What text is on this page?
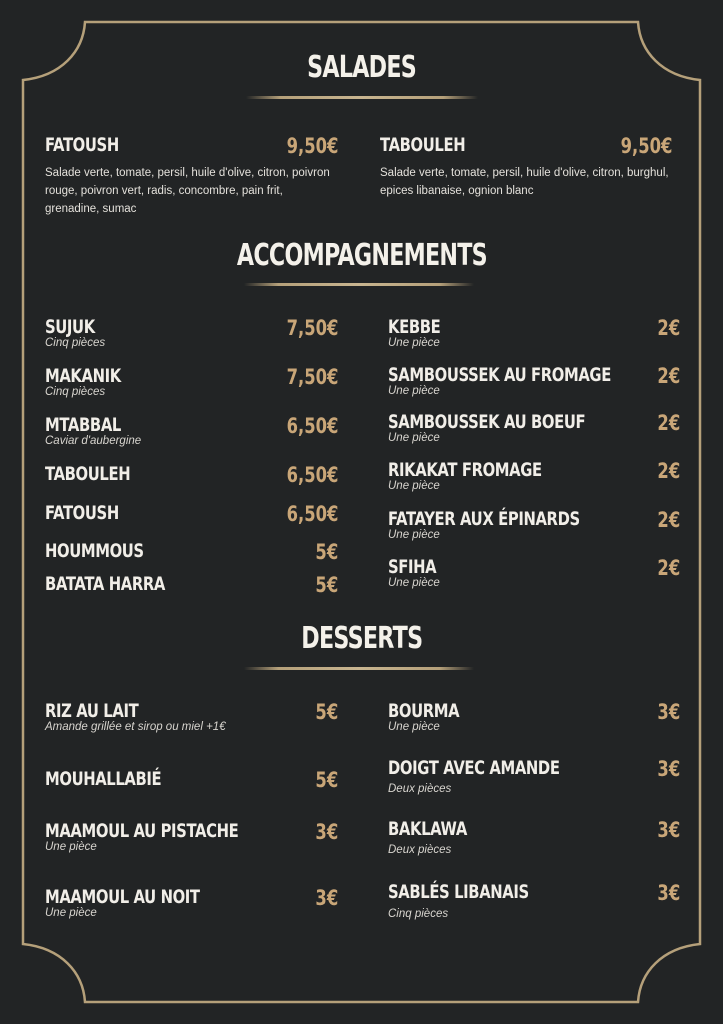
SALADES
FATOUSH	9,50€
Salade verte, tomate, persil, huile d'olive, citron, poivron rouge, poivron vert, radis, concombre, pain frit, grenadine, sumac
TABOULEH	9,50€
Salade verte, tomate, persil, huile d'olive, citron, burghul, epices libanaise, ognion blanc
ACCOMPAGNEMENTS
SUJUK	7,50€
Cinq pièces
MAKANIK	7,50€
Cinq pièces
MTABBAL	6,50€
Caviar d'aubergine
TABOULEH	6,50€
FATOUSH	6,50€
HOUMMOUS	5€
BATATA HARRA	5€
KEBBE	2€
Une pièce
SAMBOUSSEK AU FROMAGE 2€
Une pièce
SAMBOUSSEK AU BOEUF	2€
Une pièce
RIKAKAT FROMAGE	2€
Une pièce
FATAYER AUX ÉPINARDS	2€
Une pièce
SFIHA	2€
Une pièce
DESSERTS
RIZ AU LAIT	5€
Amande grillée et sirop ou miel +1€
MOUHALLABIÉ	5€
MAAMOUL AU PISTACHE	3€
Une pièce
MAAMOUL AU NOIT	3€
Une pièce
BOURMA	3€
Une pièce
DOIGT AVEC AMANDE	3€
Deux pièces
BAKLAWA	3€
Deux pièces
SABLÉS LIBANAIS	3€
Cinq pièces
